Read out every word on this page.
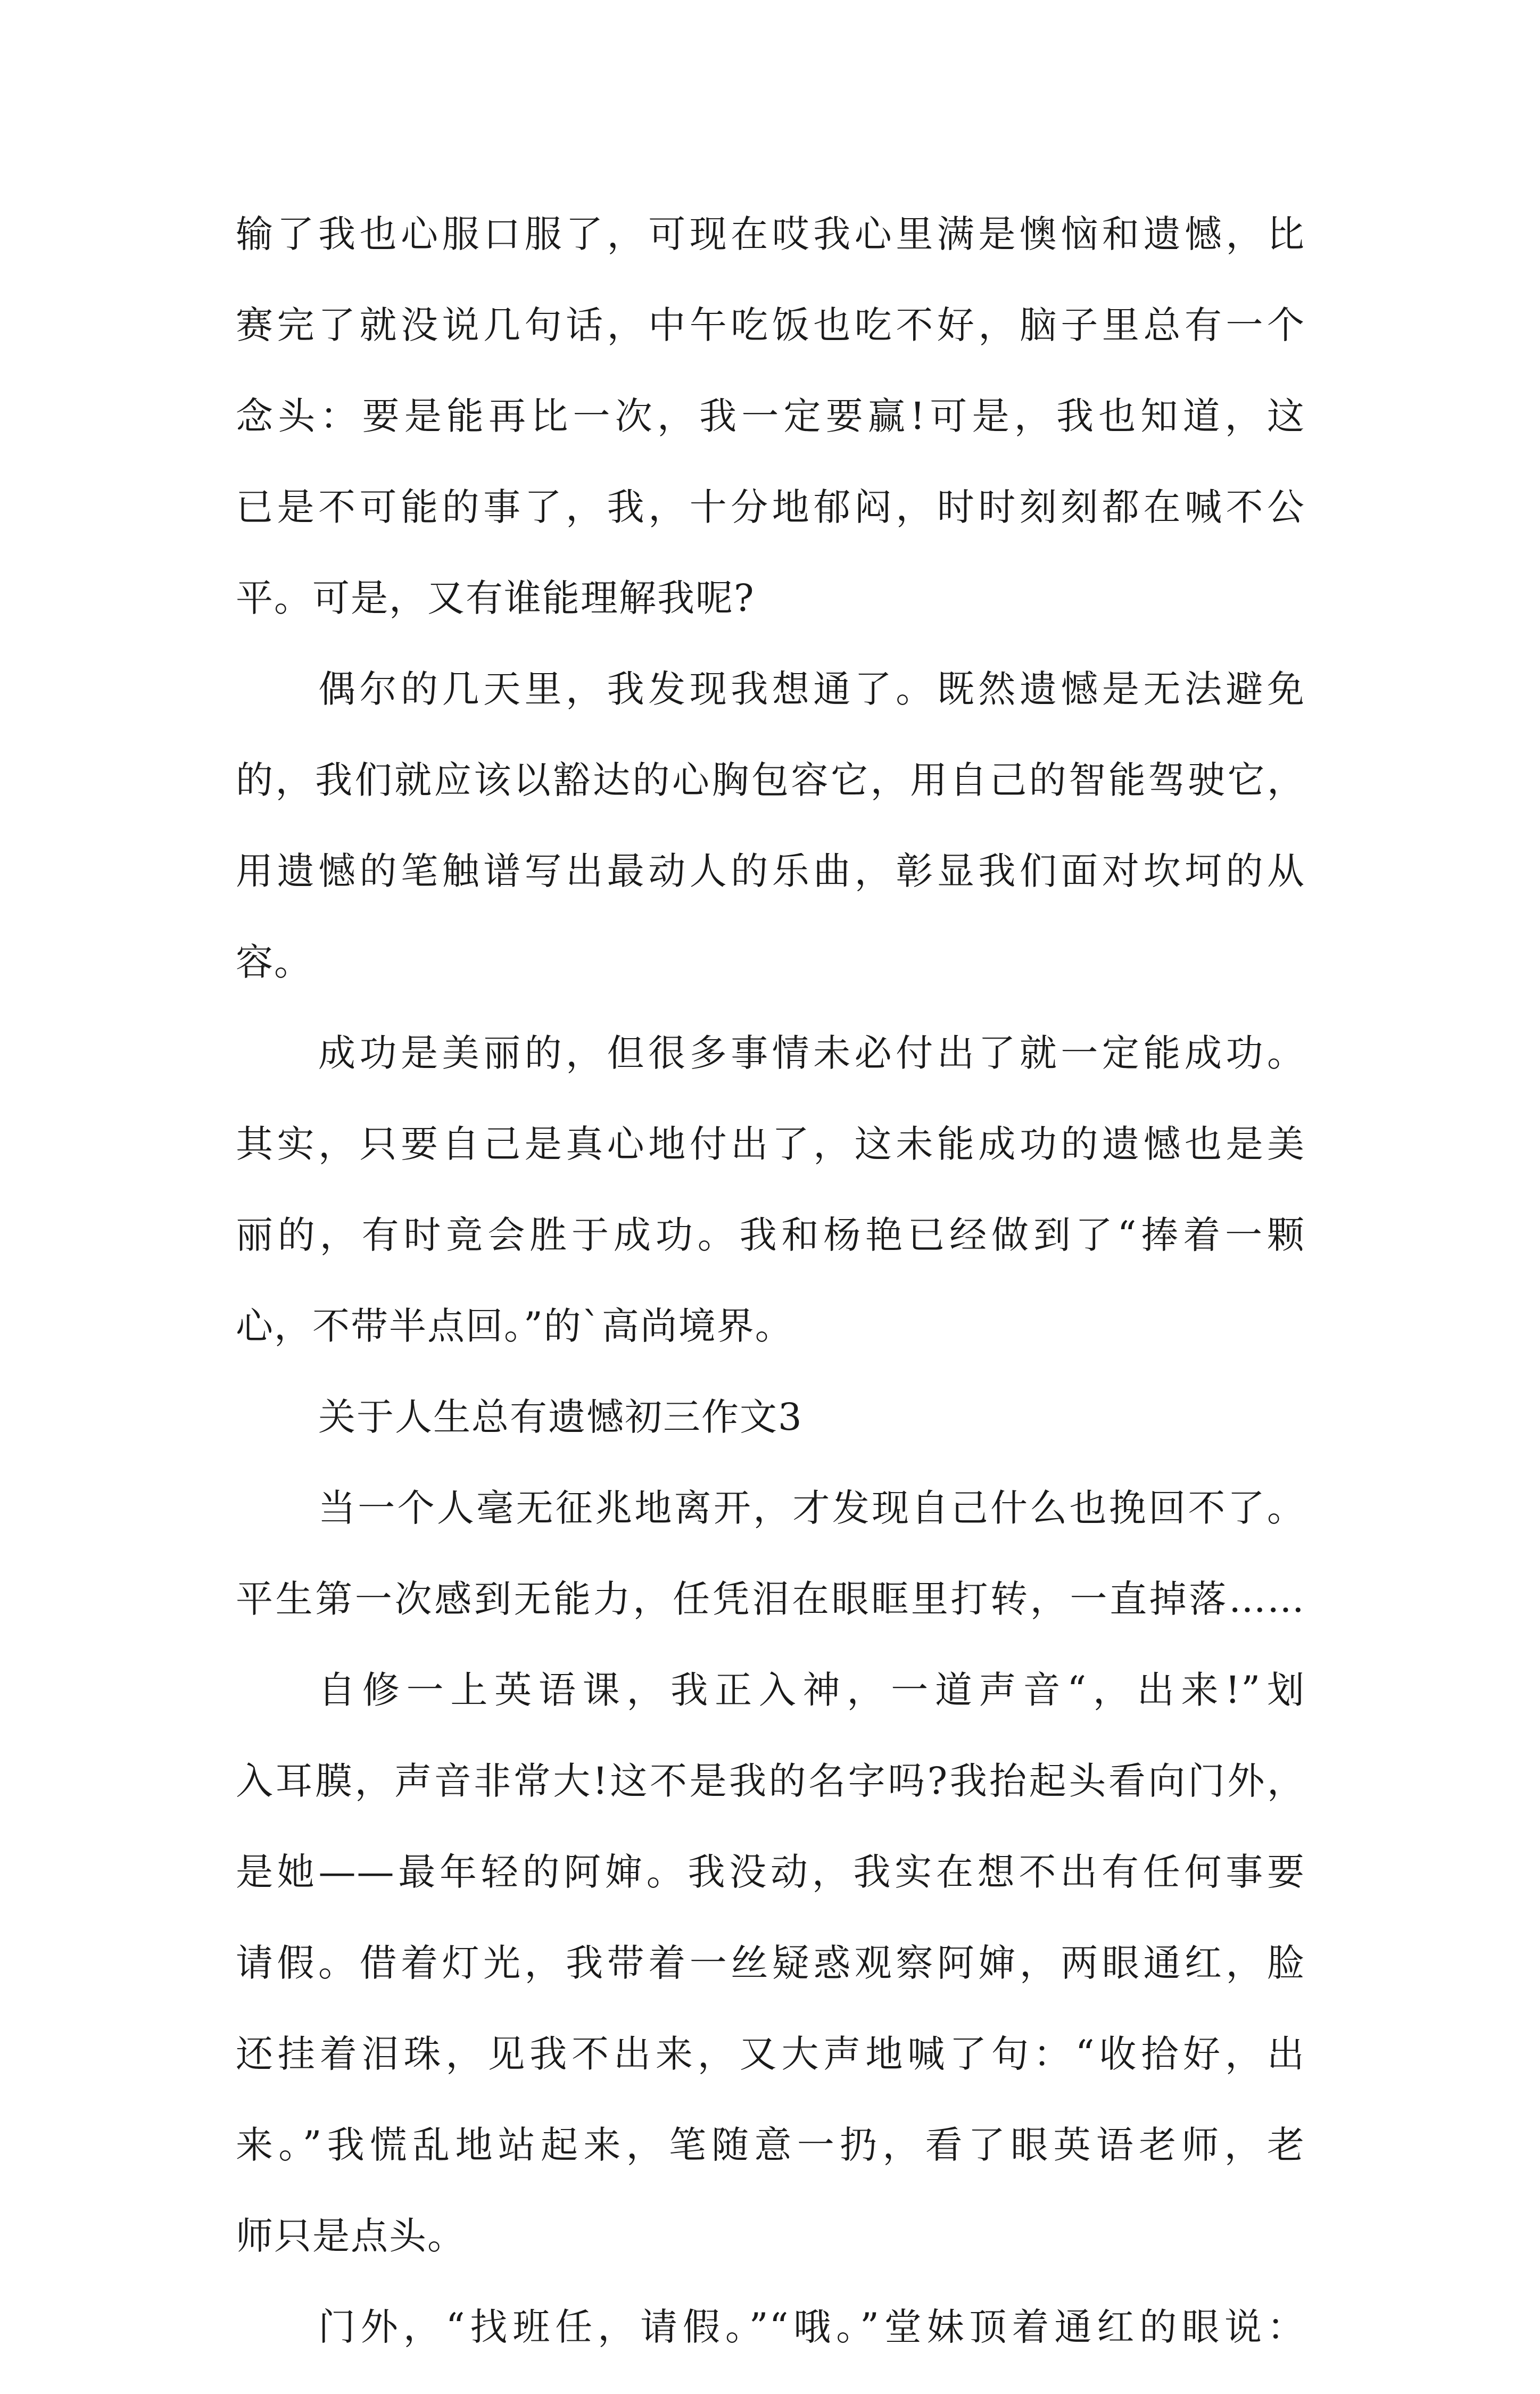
输了我也心服口服了，可现在哎我心里满是懊恼和遗憾，比
赛完了就没说几句话，中午吃饭也吃不好，脑子里总有一个
念头：要是能再比一次，我一定要赢!可是，我也知道，这
已是不可能的事了，我，十分地郁闷，时时刻刻都在喊不公
平。可是，又有谁能理解我呢?
偶尔的几天里，我发现我想通了。既然遗憾是无法避免
的，我们就应该以豁达的心胸包容它，用自己的智能驾驶它，
用遗憾的笔触谱写出最动人的乐曲，彰显我们面对坎坷的从
容。
成功是美丽的，但很多事情未必付出了就一定能成功。
其实，只要自己是真心地付出了，这未能成功的遗憾也是美
丽的，有时竟会胜于成功。我和杨艳已经做到了“捧着一颗
心，不带半点回。”的`高尚境界。
关于人生总有遗憾初三作文3
当一个人毫无征兆地离开，才发现自己什么也挽回不了。
平生第一次感到无能力，任凭泪在眼眶里打转，一直掉落……
自修一上英语课，我正入神，一道声音“，出来!”划
入耳膜，声音非常大!这不是我的名字吗?我抬起头看向门外，
是她——最年轻的阿婶。我没动，我实在想不出有任何事要
请假。借着灯光，我带着一丝疑惑观察阿婶，两眼通红，脸
还挂着泪珠，见我不出来，又大声地喊了句：“收拾好，出
来。”我慌乱地站起来，笔随意一扔，看了眼英语老师，老
师只是点头。
门外，“找班任，请假。”“哦。”堂妹顶着通红的眼说：
